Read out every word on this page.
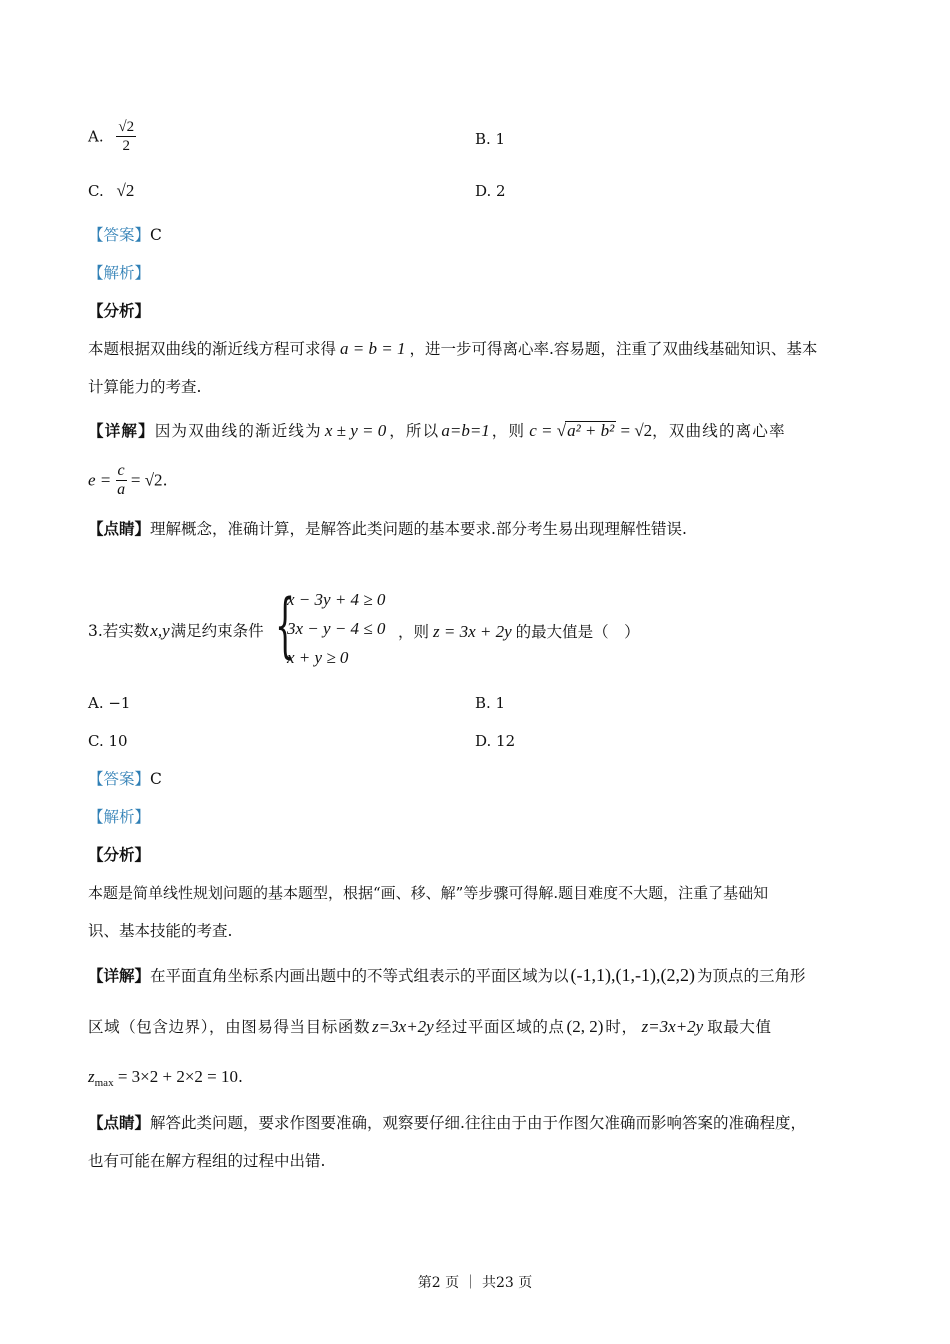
A. $\frac{√2}{2}$	B. 1
C. √2	D. 2
【答案】C
【解析】
【分析】
本题根据双曲线的渐近线方程可求得 a = b = 1 ，进一步可得离心率.容易题，注重了双曲线基础知识、基本
计算能力的考查.
【详解】因为双曲线的渐近线为 x ± y = 0 ，所以 a=b=1 ，则 c = √a² + b² = √2，双曲线的离心率
$e = \frac{c}{a} = √2$.
【点睛】理解概念，准确计算，是解答此类问题的基本要求.部分考生易出现理解性错误.
3.若实数x,y满足约束条件 {
x − 3y + 4 ≥ 0
3x − y − 4 ≤ 0
x + y ≥ 0
，则 z = 3x + 2y 的最大值是（　）
A. −1	B. 1
C. 10	D. 12
【答案】C
【解析】
【分析】
本题是简单线性规划问题的基本题型，根据“画、移、解”等步骤可得解.题目难度不大题，注重了基础知
识、基本技能的考查.
【详解】在平面直角坐标系内画出题中的不等式组表示的平面区域为以 (-1,1),(1,-1),(2,2) 为顶点的三角形
区域（包含边界），由图易得当目标函数 z=3x+2y 经过平面区域的点 (2, 2) 时， z=3x+2y 取最大值
$z_{max} = 3\times 2 + 2\times 2 = 10$.
【点睛】解答此类问题，要求作图要准确，观察要仔细.往往由于由于作图欠准确而影响答案的准确程度，
也有可能在解方程组的过程中出错.
第2 页 ｜ 共23 页
